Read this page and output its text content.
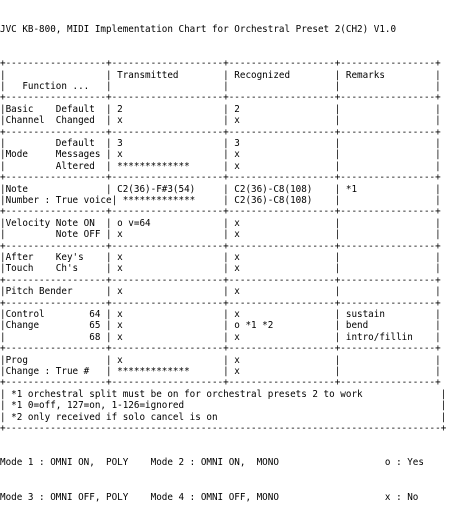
JVC KB-800, MIDI Implementation Chart for Orchestral Preset 2(CH2) V1.0

+------------------+--------------------+-------------------+-----------------+
|                  | Transmitted        | Recognized        | Remarks         |
|   Function ...   |                    |                   |                 |
+------------------+--------------------+-------------------+-----------------+
|Basic    Default  | 2                  | 2                 |                 |
|Channel  Changed  | x                  | x                 |                 |
+------------------+--------------------+-------------------+-----------------+
|         Default  | 3                  | 3                 |                 |
|Mode     Messages | x                  | x                 |                 |
|         Altered  | *************      | x                 |                 |
+------------------+--------------------+-------------------+-----------------+
|Note              | C2(36)-F#3(54)     | C2(36)-C8(108)    | *1              |
|Number : True voice| *************     | C2(36)-C8(108)    |                 |
+------------------+--------------------+-------------------+-----------------+
|Velocity Note ON  | o v=64             | x                 |                 |
|         Note OFF | x                  | x                 |                 |
+------------------+--------------------+-------------------+-----------------+
|After    Key's    | x                  | x                 |                 |
|Touch    Ch's     | x                  | x                 |                 |
+------------------+--------------------+-------------------+-----------------+
|Pitch Bender      | x                  | x                 |                 |
+------------------+--------------------+-------------------+-----------------+
|Control        64 | x                  | x                 | sustain         |
|Change         65 | x                  | o *1 *2           | bend            |
|               68 | x                  | x                 | intro/fillin    |
+------------------+--------------------+-------------------+-----------------+
|Prog              | x                  | x                 |                 |
|Change : True #   | *************      | x                 |                 |
+------------------+--------------------+-------------------+-----------------+
| *1 orchestral split must be on for orchestral presets 2 to work              |
| *1 0=off, 127=on, 1-126=ignored                                              |
| *2 only received if solo cancel is on                                        |
+------------------------------------------------------------------------------+

Mode 1 : OMNI ON,  POLY    Mode 2 : OMNI ON,  MONO                   o : Yes

Mode 3 : OMNI OFF, POLY    Mode 4 : OMNI OFF, MONO                   x : No
